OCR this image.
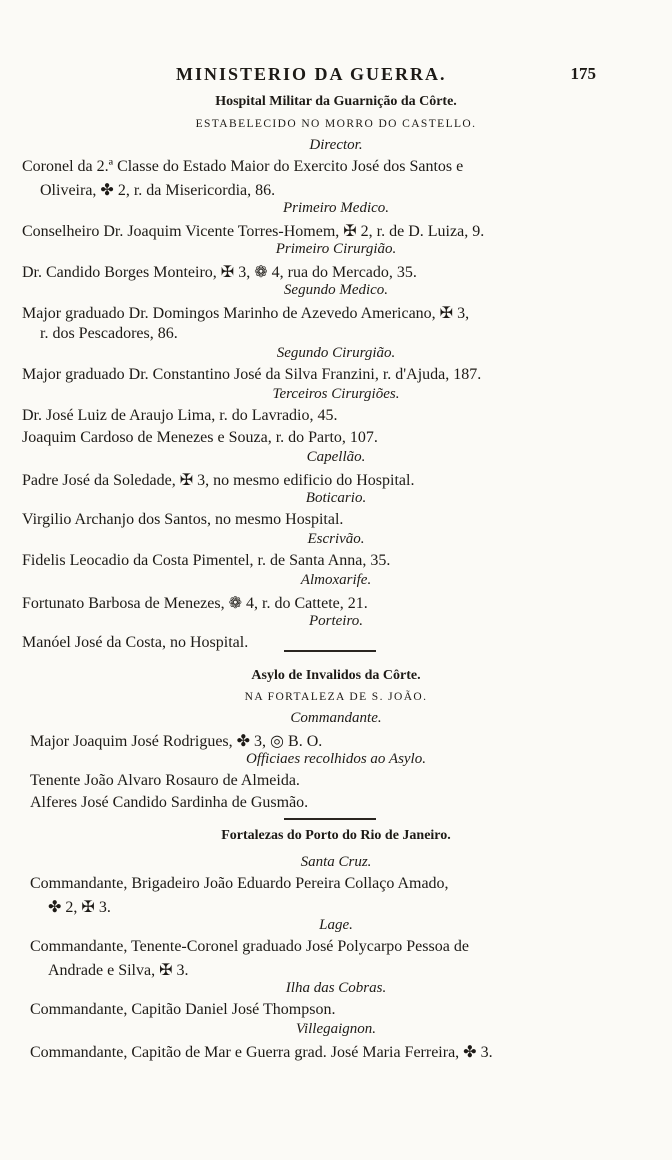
MINISTERIO DA GUERRA.	175
Hospital Militar da Guarnição da Côrte.
ESTABELECIDO NO MORRO DO CASTELLO.
Director.
Coronel da 2.ª Classe do Estado Maior do Exercito José dos Santos e
Oliveira, ✤ 2, r. da Misericordia, 86.
Primeiro Medico.
Conselheiro Dr. Joaquim Vicente Torres-Homem, ✠ 2, r. de D. Luiza, 9.
Primeiro Cirurgião.
Dr. Candido Borges Monteiro, ✠ 3, ❁ 4, rua do Mercado, 35.
Segundo Medico.
Major graduado Dr. Domingos Marinho de Azevedo Americano, ✠ 3,
r. dos Pescadores, 86.
Segundo Cirurgião.
Major graduado Dr. Constantino José da Silva Franzini, r. d'Ajuda, 187.
Terceiros Cirurgiões.
Dr. José Luiz de Araujo Lima, r. do Lavradio, 45.
Joaquim Cardoso de Menezes e Souza, r. do Parto, 107.
Capellão.
Padre José da Soledade, ✠ 3, no mesmo edificio do Hospital.
Boticario.
Virgilio Archanjo dos Santos, no mesmo Hospital.
Escrivão.
Fidelis Leocadio da Costa Pimentel, r. de Santa Anna, 35.
Almoxarife.
Fortunato Barbosa de Menezes, ❁ 4, r. do Cattete, 21.
Porteiro.
Manóel José da Costa, no Hospital.
Asylo de Invalidos da Côrte.
NA FORTALEZA DE S. JOÃO.
Commandante.
Major Joaquim José Rodrigues, ✤ 3, ◎ B. O.
Officiaes recolhidos ao Asylo.
Tenente João Alvaro Rosauro de Almeida.
Alferes José Candido Sardinha de Gusmão.
Fortalezas do Porto do Rio de Janeiro.
Santa Cruz.
Commandante, Brigadeiro João Eduardo Pereira Collaço Amado,
✤ 2, ✠ 3.
Lage.
Commandante, Tenente-Coronel graduado José Polycarpo Pessoa de
Andrade e Silva, ✠ 3.
Ilha das Cobras.
Commandante, Capitão Daniel José Thompson.
Villegaignon.
Commandante, Capitão de Mar e Guerra grad. José Maria Ferreira, ✤ 3.
